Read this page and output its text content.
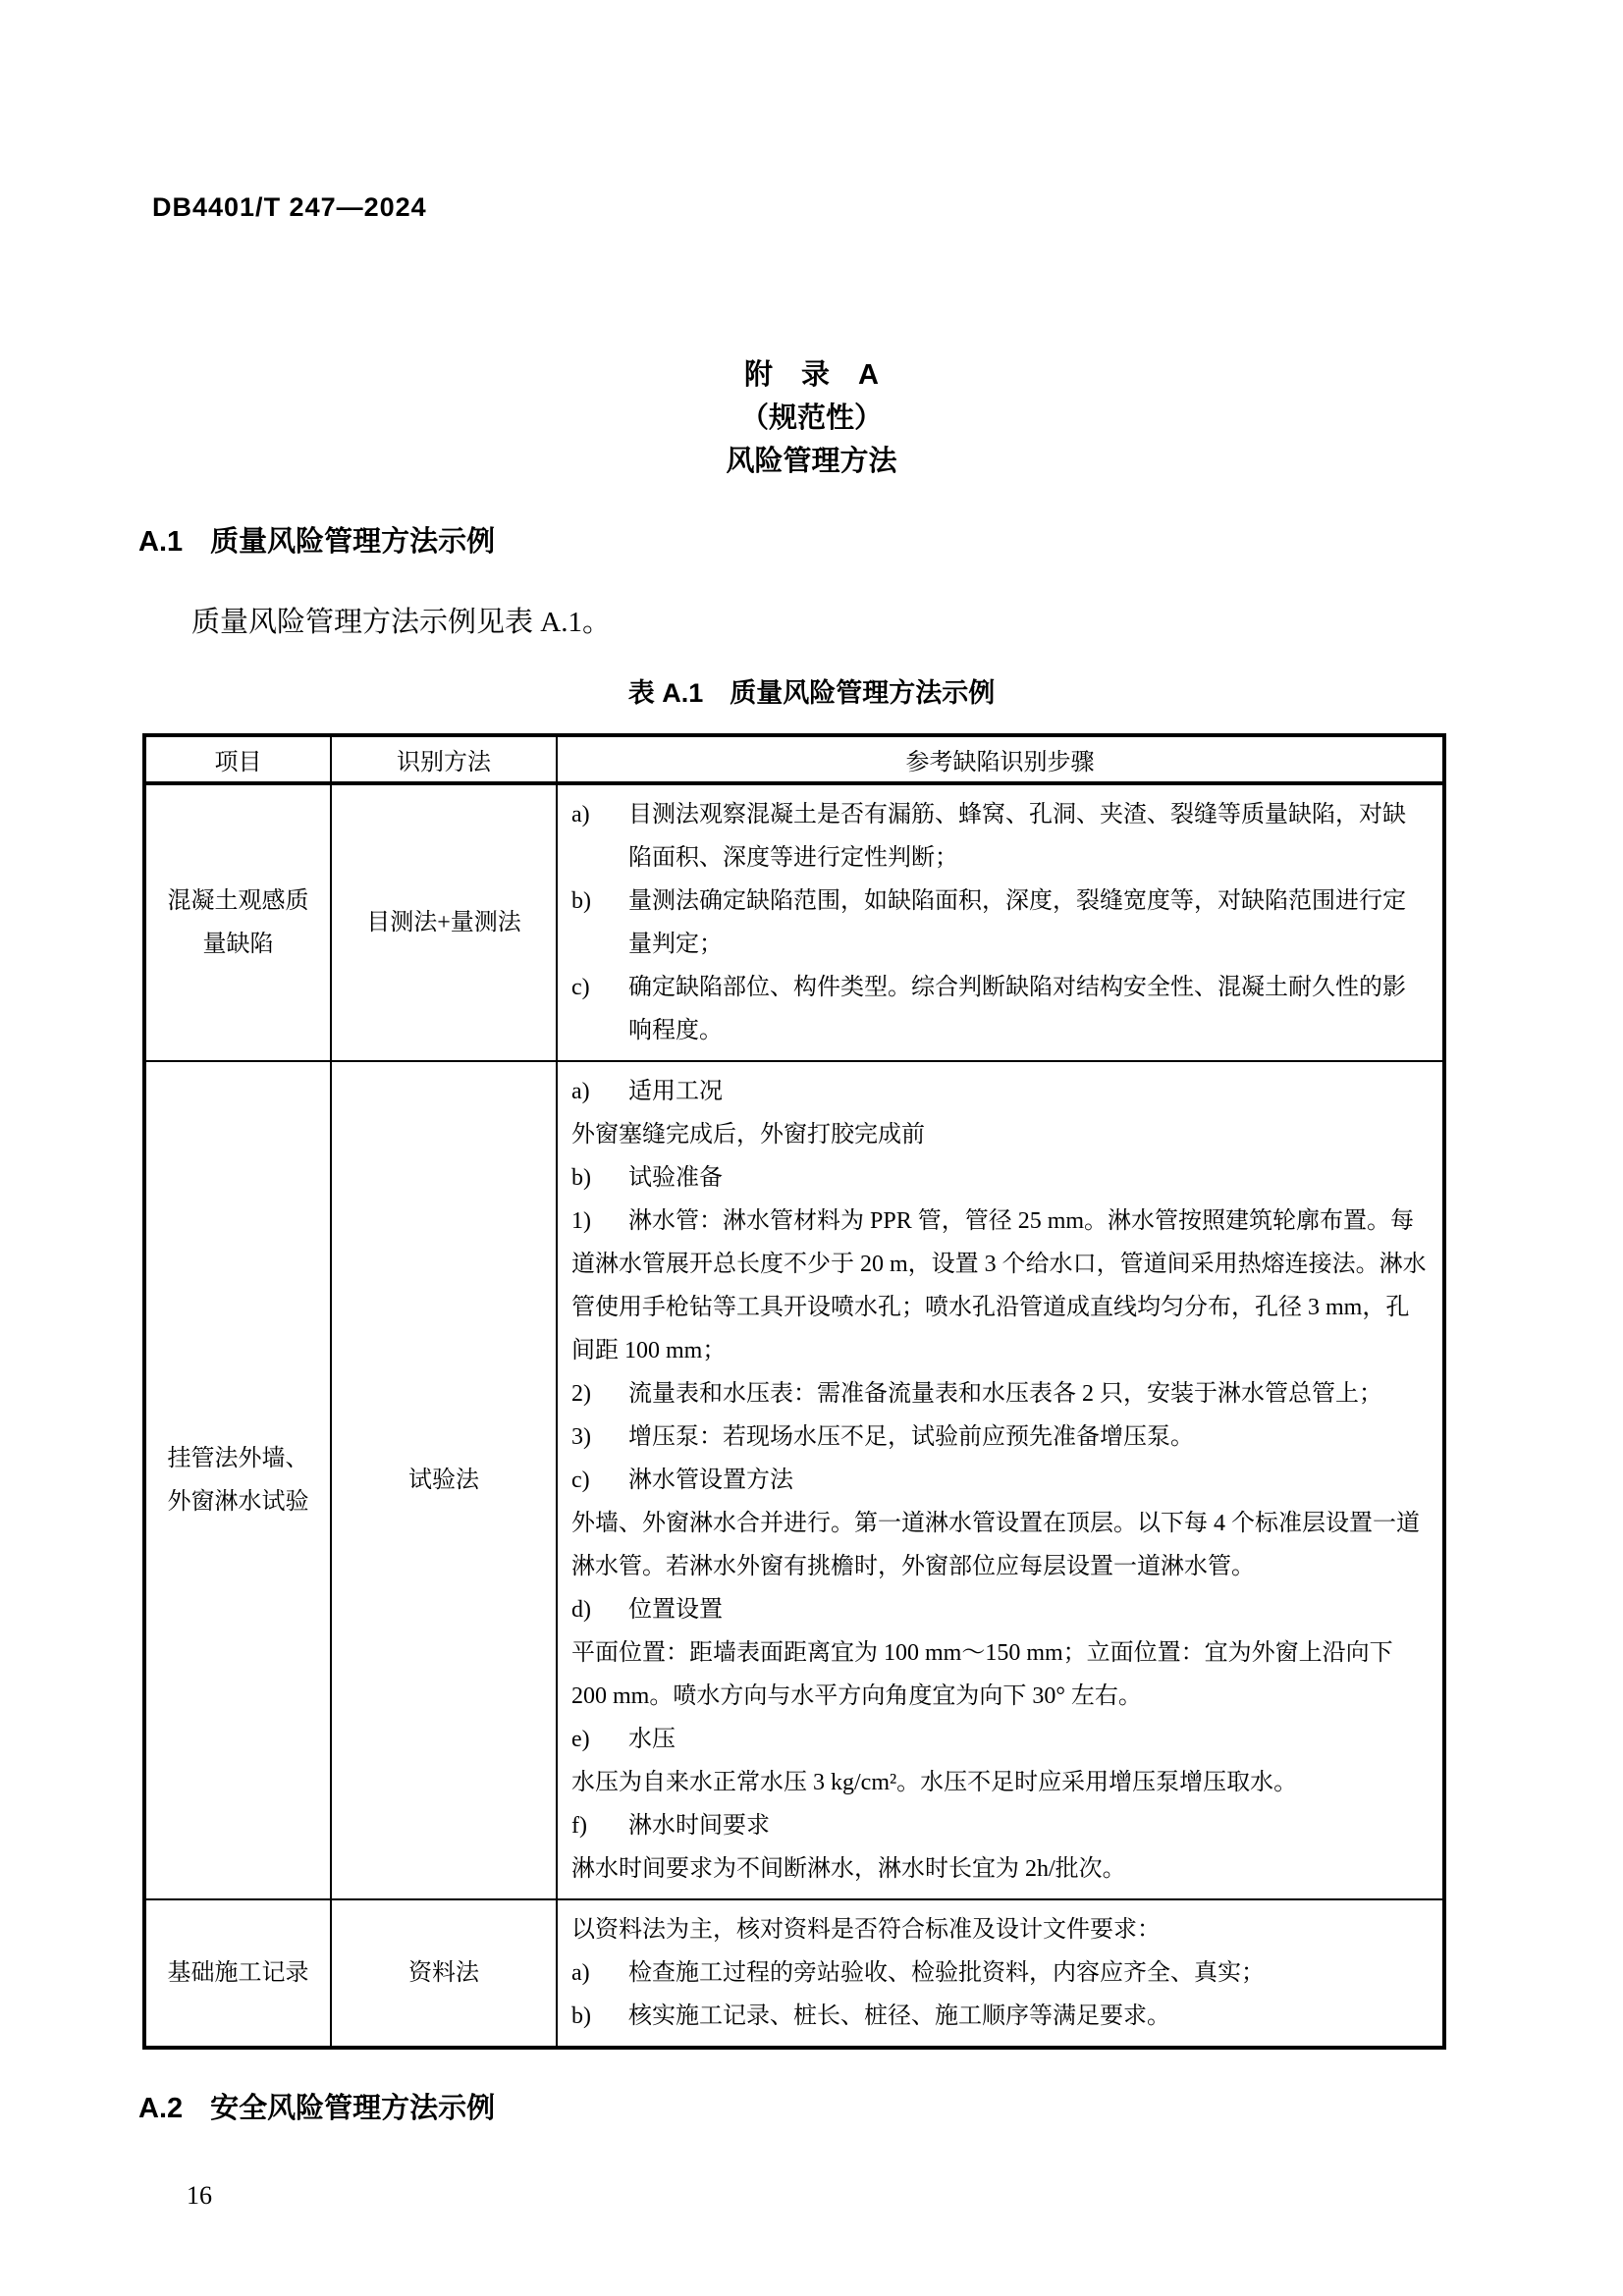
DB4401/T 247—2024
附　录　A
（规范性）
风险管理方法
A.1 质量风险管理方法示例
质量风险管理方法示例见表 A.1。
表 A.1　质量风险管理方法示例
项目	识别方法	参考缺陷识别步骤
混凝土观感质量缺陷	目测法+量测法	a) 目测法观察混凝土是否有漏筋、蜂窝、孔洞、夹渣、裂缝等质量缺陷，对缺陷面积、深度等进行定性判断；
b) 量测法确定缺陷范围，如缺陷面积，深度，裂缝宽度等，对缺陷范围进行定量判定；
c) 确定缺陷部位、构件类型。综合判断缺陷对结构安全性、混凝土耐久性的影响程度。

挂管法外墙、外窗淋水试验	试验法	
a) 适用工况
外窗塞缝完成后，外窗打胶完成前
b) 试验准备
1) 淋水管：淋水管材料为 PPR 管，管径 25 mm。淋水管按照建筑轮廓布置。每道淋水管展开总长度不少于 20 m，设置 3 个给水口，管道间采用热熔连接法。淋水管使用手枪钻等工具开设喷水孔；喷水孔沿管道成直线均匀分布，孔径 3 mm，孔间距 100 mm；
2) 流量表和水压表：需准备流量表和水压表各 2 只，安装于淋水管总管上；
3) 增压泵：若现场水压不足，试验前应预先准备增压泵。
c) 淋水管设置方法
外墙、外窗淋水合并进行。第一道淋水管设置在顶层。以下每 4 个标准层设置一道淋水管。若淋水外窗有挑檐时，外窗部位应每层设置一道淋水管。
d) 位置设置
平面位置：距墙表面距离宜为 100 mm～150 mm；立面位置：宜为外窗上沿向下 200 mm。喷水方向与水平方向角度宜为向下 30° 左右。
e) 水压
水压为自来水正常水压 3 kg/cm²。水压不足时应采用增压泵增压取水。
f) 淋水时间要求
淋水时间要求为不间断淋水，淋水时长宜为 2h/批次。

基础施工记录	资料法	以资料法为主，核对资料是否符合标准及设计文件要求：
a) 检查施工过程的旁站验收、检验批资料，内容应齐全、真实；
b) 核实施工记录、桩长、桩径、施工顺序等满足要求。
A.2 安全风险管理方法示例
16
